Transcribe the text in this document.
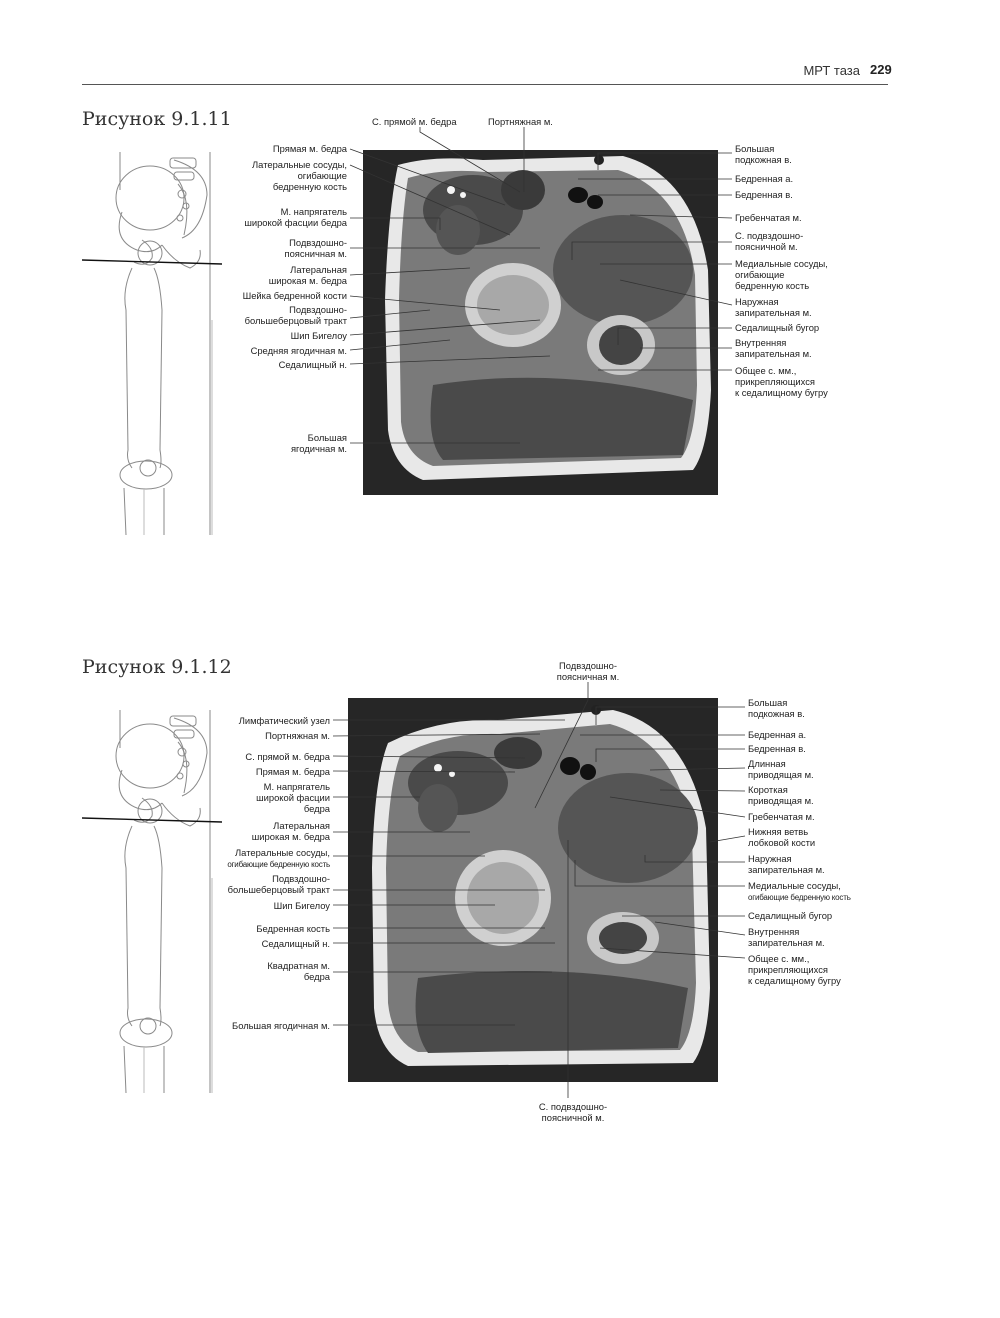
МРТ таза 229
Рисунок 9.1.11	С. прямой м. бедра	Портняжная м.
Прямая м. бедра
Латеральные сосуды,
огибающие
бедренную кость
М. напрягатель
широкой фасции бедра
Подвздошно-
поясничная м.
Латеральная
широкая м. бедра
Шейка бедренной кости
Подвздошно-
большеберцовый тракт
Шип Бигелоу
Средняя ягодичная м.
Седалищный н.
Большая
ягодичная м.
Большая
подкожная в.
Бедренная а.
Бедренная в.
Гребенчатая м.
С. подвздошно-
поясничной м.
Медиальные сосуды,
огибающие
бедренную кость
Наружная
запирательная м.
Седалищный бугор
Внутренняя
запирательная м.
Общее с. мм.,
прикрепляющихся
к седалищному бугру
Рисунок 9.1.12	Подвздошно-
поясничная м.
С. подвздошно-
поясничной м.
Лимфатический узел
Портняжная м.
С. прямой м. бедра
Прямая м. бедра
М. напрягатель
широкой фасции
бедра
Латеральная
широкая м. бедра
Латеральные сосуды,
огибающие бедренную кость
Подвздошно-
большеберцовый тракт
Шип Бигелоу
Бедренная кость
Седалищный н.
Квадратная м.
бедра
Большая ягодичная м.
Большая
подкожная в.
Бедренная а.
Бедренная в.
Длинная
приводящая м.
Короткая
приводящая м.
Гребенчатая м.
Нижняя ветвь
лобковой кости
Наружная
запирательная м.
Медиальные сосуды,
огибающие бедренную кость
Седалищный бугор
Внутренняя
запирательная м.
Общее с. мм.,
прикрепляющихся
к седалищному бугру
